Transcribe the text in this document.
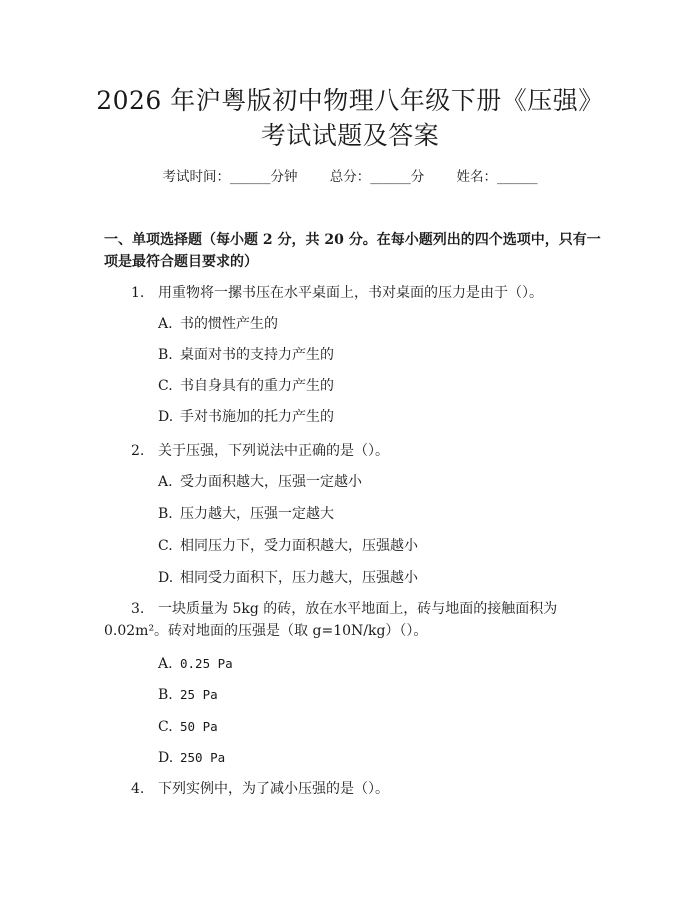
2026 年沪粤版初中物理八年级下册《压强》
考试试题及答案
考试时间：______分钟 总分：______分 姓名：______
一、单项选择题（每小题 2 分，共 20 分。在每小题列出的四个选项中，只有一项是最符合题目要求的）
1. 用重物将一摞书压在水平桌面上，书对桌面的压力是由于（）。
A. 书的惯性产生的
B. 桌面对书的支持力产生的
C. 书自身具有的重力产生的
D. 手对书施加的托力产生的
2. 关于压强，下列说法中正确的是（）。
A. 受力面积越大，压强一定越小
B. 压力越大，压强一定越大
C. 相同压力下，受力面积越大，压强越小
D. 相同受力面积下，压力越大，压强越小
3. 一块质量为 5kg 的砖，放在水平地面上，砖与地面的接触面积为
0.02m²。砖对地面的压强是（取 g=10N/kg）（）。
A. 0.25 Pa
B. 25 Pa
C. 50 Pa
D. 250 Pa
4. 下列实例中，为了减小压强的是（）。
